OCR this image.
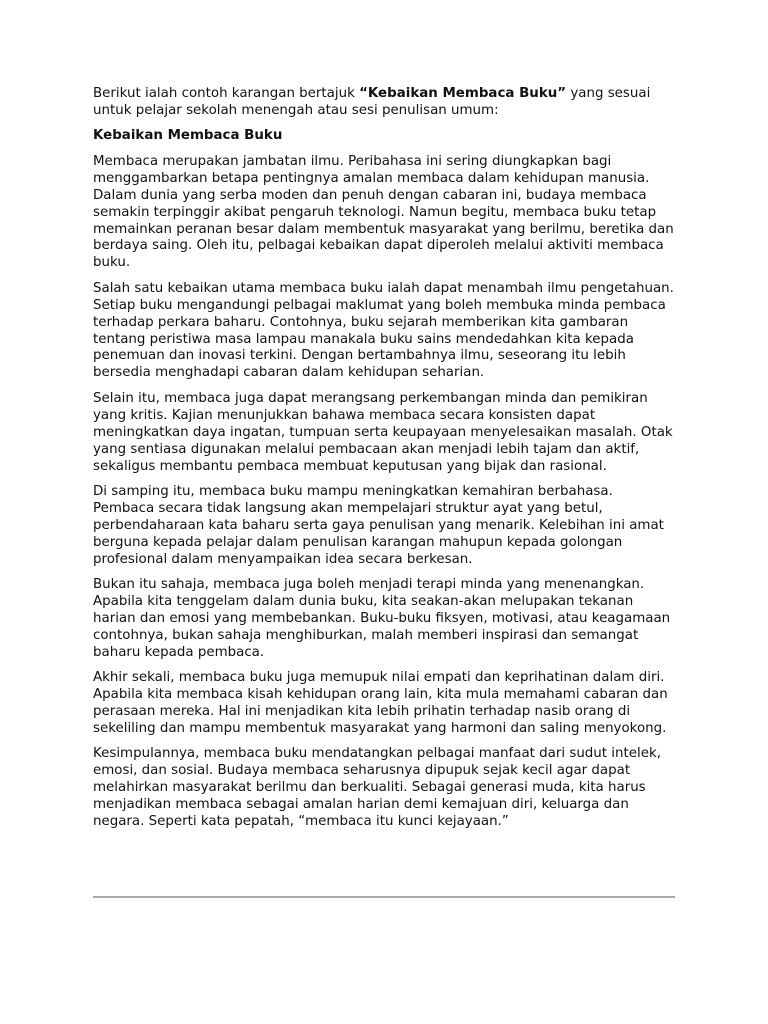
Berikut ialah contoh karangan bertajuk “Kebaikan Membaca Buku” yang sesuai untuk pelajar sekolah menengah atau sesi penulisan umum:

Kebaikan Membaca Buku

Membaca merupakan jambatan ilmu. Peribahasa ini sering diungkapkan bagi menggambarkan betapa pentingnya amalan membaca dalam kehidupan manusia. Dalam dunia yang serba moden dan penuh dengan cabaran ini, budaya membaca semakin terpinggir akibat pengaruh teknologi. Namun begitu, membaca buku tetap memainkan peranan besar dalam membentuk masyarakat yang berilmu, beretika dan berdaya saing. Oleh itu, pelbagai kebaikan dapat diperoleh melalui aktiviti membaca buku.

Salah satu kebaikan utama membaca buku ialah dapat menambah ilmu pengetahuan. Setiap buku mengandungi pelbagai maklumat yang boleh membuka minda pembaca terhadap perkara baharu. Contohnya, buku sejarah memberikan kita gambaran tentang peristiwa masa lampau manakala buku sains mendedahkan kita kepada penemuan dan inovasi terkini. Dengan bertambahnya ilmu, seseorang itu lebih bersedia menghadapi cabaran dalam kehidupan seharian.

Selain itu, membaca juga dapat merangsang perkembangan minda dan pemikiran yang kritis. Kajian menunjukkan bahawa membaca secara konsisten dapat meningkatkan daya ingatan, tumpuan serta keupayaan menyelesaikan masalah. Otak yang sentiasa digunakan melalui pembacaan akan menjadi lebih tajam dan aktif, sekaligus membantu pembaca membuat keputusan yang bijak dan rasional.

Di samping itu, membaca buku mampu meningkatkan kemahiran berbahasa. Pembaca secara tidak langsung akan mempelajari struktur ayat yang betul, perbendaharaan kata baharu serta gaya penulisan yang menarik. Kelebihan ini amat berguna kepada pelajar dalam penulisan karangan mahupun kepada golongan profesional dalam menyampaikan idea secara berkesan.

Bukan itu sahaja, membaca juga boleh menjadi terapi minda yang menenangkan. Apabila kita tenggelam dalam dunia buku, kita seakan-akan melupakan tekanan harian dan emosi yang membebankan. Buku-buku fiksyen, motivasi, atau keagamaan contohnya, bukan sahaja menghiburkan, malah memberi inspirasi dan semangat baharu kepada pembaca.

Akhir sekali, membaca buku juga memupuk nilai empati dan keprihatinan dalam diri. Apabila kita membaca kisah kehidupan orang lain, kita mula memahami cabaran dan perasaan mereka. Hal ini menjadikan kita lebih prihatin terhadap nasib orang di sekeliling dan mampu membentuk masyarakat yang harmoni dan saling menyokong.

Kesimpulannya, membaca buku mendatangkan pelbagai manfaat dari sudut intelek, emosi, dan sosial. Budaya membaca seharusnya dipupuk sejak kecil agar dapat melahirkan masyarakat berilmu dan berkualiti. Sebagai generasi muda, kita harus menjadikan membaca sebagai amalan harian demi kemajuan diri, keluarga dan negara. Seperti kata pepatah, “membaca itu kunci kejayaan.”
